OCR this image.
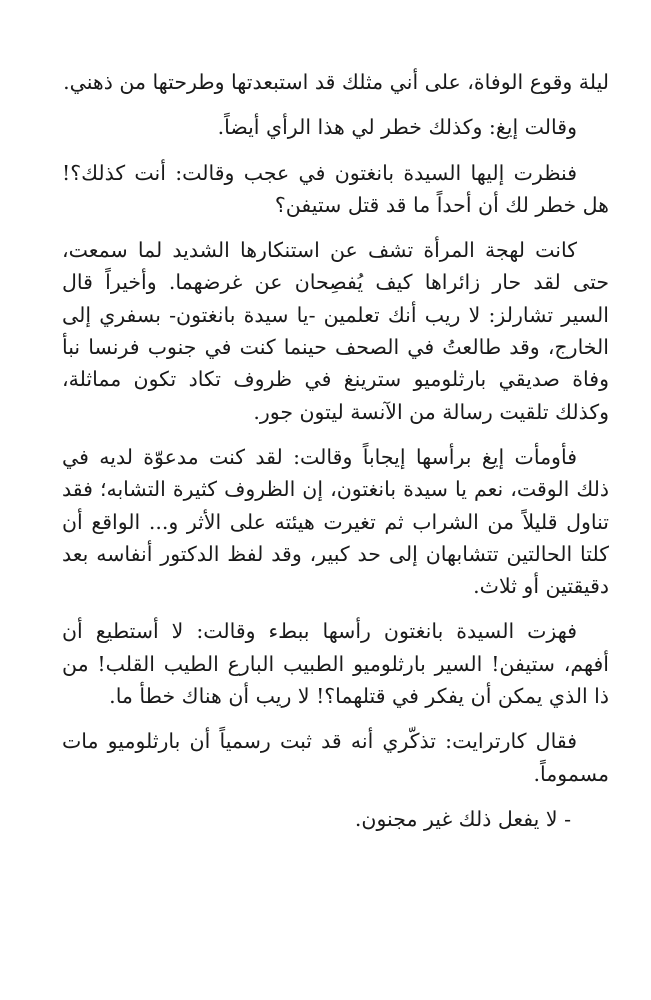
ليلة وقوع الوفاة، على أني مثلك قد استبعدتها وطرحتها من ذهني.

وقالت إيغ: وكذلك خطر لي هذا الرأي أيضاً.

فنظرت إليها السيدة بانغتون في عجب وقالت: أنت كذلك؟! هل خطر لك أن أحداً ما قد قتل ستيفن؟

كانت لهجة المرأة تشف عن استنكارها الشديد لما سمعت، حتى لقد حار زائراها كيف يُفصِحان عن غرضهما. وأخيراً قال السير تشارلز: لا ريب أنك تعلمين -يا سيدة بانغتون- بسفري إلى الخارج، وقد طالعتُ في الصحف حينما كنت في جنوب فرنسا نبأ وفاة صديقي بارثلوميو سترينغ في ظروف تكاد تكون مماثلة، وكذلك تلقيت رسالة من الآنسة ليتون جور.

فأومأت إيغ برأسها إيجاباً وقالت: لقد كنت مدعوّة لديه في ذلك الوقت، نعم يا سيدة بانغتون، إن الظروف كثيرة التشابه؛ فقد تناول قليلاً من الشراب ثم تغيرت هيئته على الأثر و... الواقع أن كلتا الحالتين تتشابهان إلى حد كبير، وقد لفظ الدكتور أنفاسه بعد دقيقتين أو ثلاث.

فهزت السيدة بانغتون رأسها ببطء وقالت: لا أستطيع أن أفهم، ستيفن! السير بارثلوميو الطبيب البارع الطيب القلب! من ذا الذي يمكن أن يفكر في قتلهما؟! لا ريب أن هناك خطأ ما.

فقال كارترايت: تذكّري أنه قد ثبت رسمياً أن بارثلوميو مات مسموماً.

- لا يفعل ذلك غير مجنون.
